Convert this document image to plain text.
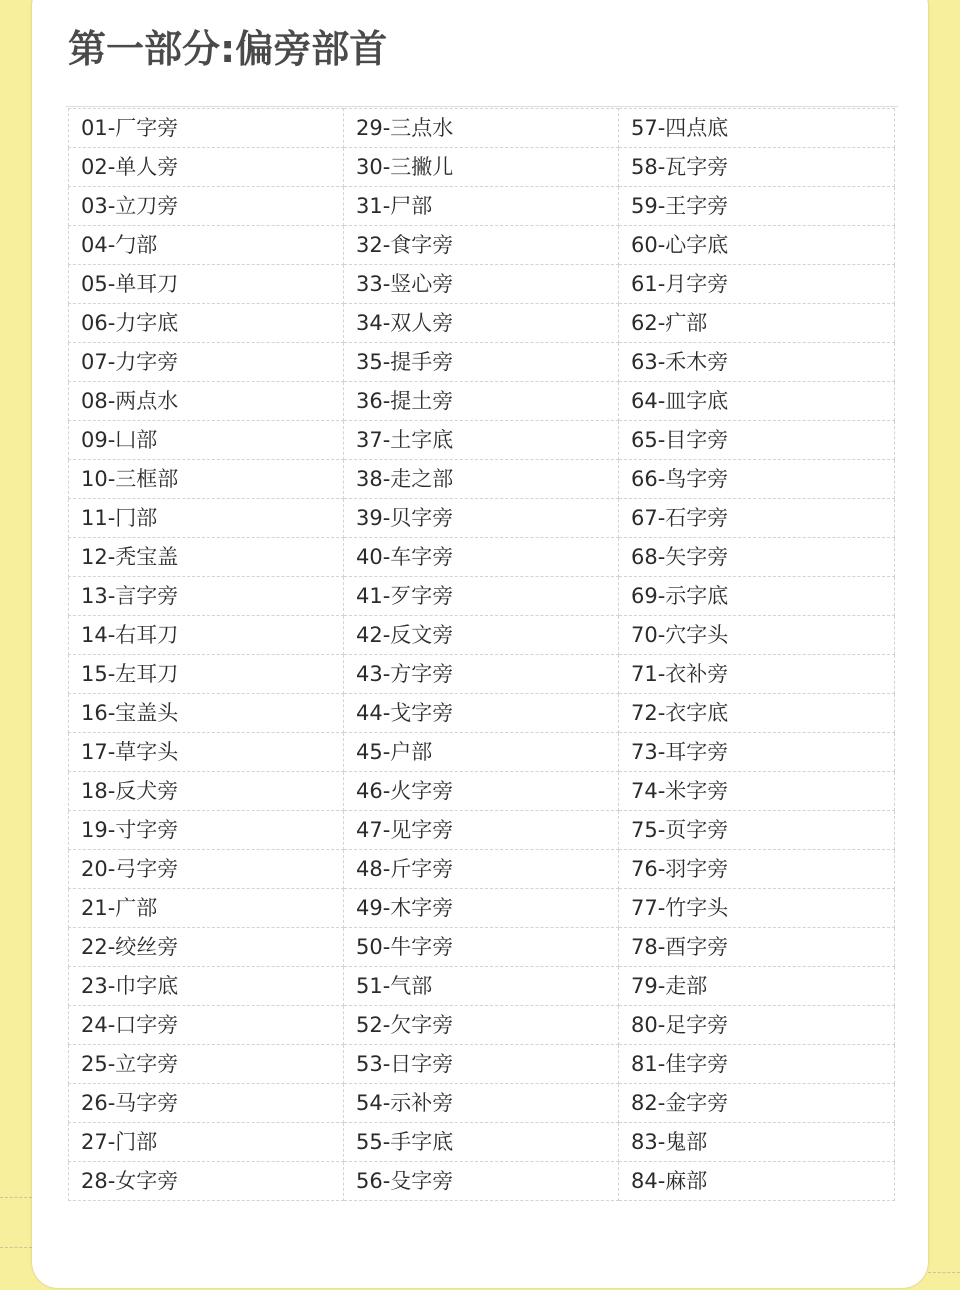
第一部分:偏旁部首
01-厂字旁	29-三点水	57-四点底
02-单人旁	30-三撇儿	58-瓦字旁
03-立刀旁	31-尸部	59-王字旁
04-勹部	32-食字旁	60-心字底
05-单耳刀	33-竖心旁	61-月字旁
06-力字底	34-双人旁	62-疒部
07-力字旁	35-提手旁	63-禾木旁
08-两点水	36-提土旁	64-皿字底
09-凵部	37-土字底	65-目字旁
10-三框部	38-走之部	66-鸟字旁
11-冂部	39-贝字旁	67-石字旁
12-秃宝盖	40-车字旁	68-矢字旁
13-言字旁	41-歹字旁	69-示字底
14-右耳刀	42-反文旁	70-穴字头
15-左耳刀	43-方字旁	71-衣补旁
16-宝盖头	44-戈字旁	72-衣字底
17-草字头	45-户部	73-耳字旁
18-反犬旁	46-火字旁	74-米字旁
19-寸字旁	47-见字旁	75-页字旁
20-弓字旁	48-斤字旁	76-羽字旁
21-广部	49-木字旁	77-竹字头
22-绞丝旁	50-牛字旁	78-酉字旁
23-巾字底	51-气部	79-走部
24-口字旁	52-欠字旁	80-足字旁
25-立字旁	53-日字旁	81-佳字旁
26-马字旁	54-示补旁	82-金字旁
27-门部	55-手字底	83-鬼部
28-女字旁	56-殳字旁	84-麻部
